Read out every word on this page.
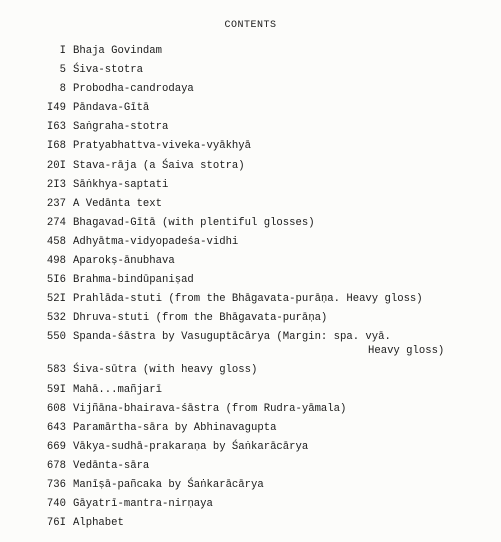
CONTENTS
I Bhaja Govindam
5 Śiva-stotra
8 Probodha-candrodaya
I49 Pāndava-Gītā
I63 Saṅgraha-stotra
I68 Pratyabhattva-viveka-vyākhyā
20I Stava-rāja (a Śaiva stotra)
2I3 Sāṅkhya-saptati
237 A Vedānta text
274 Bhagavad-Gītā (with plentiful glosses)
458 Adhyātma-vidyopadeśa-vidhi
498 Aparokṣ-ānubhava
5I6 Brahma-bindūpaniṣad
52I Prahlāda-stuti (from the Bhāgavata-purāṇa. Heavy gloss)
532 Dhruva-stuti (from the Bhāgavata-purāṇa)
550 Spanda-śāstra by Vasuguptācārya (Margin: spa. vyā.
Heavy gloss)
583 Śiva-sūtra (with heavy gloss)
59I Mahā...mañjarī
608 Vijñāna-bhairava-śāstra (from Rudra-yāmala)
643 Paramārtha-sāra by Abhinavagupta
669 Vākya-sudhā-prakaraṇa by Śaṅkarācārya
678 Vedānta-sāra
736 Manīṣā-pañcaka by Śaṅkarācārya
740 Gāyatrī-mantra-nirṇaya
76I Alphabet
